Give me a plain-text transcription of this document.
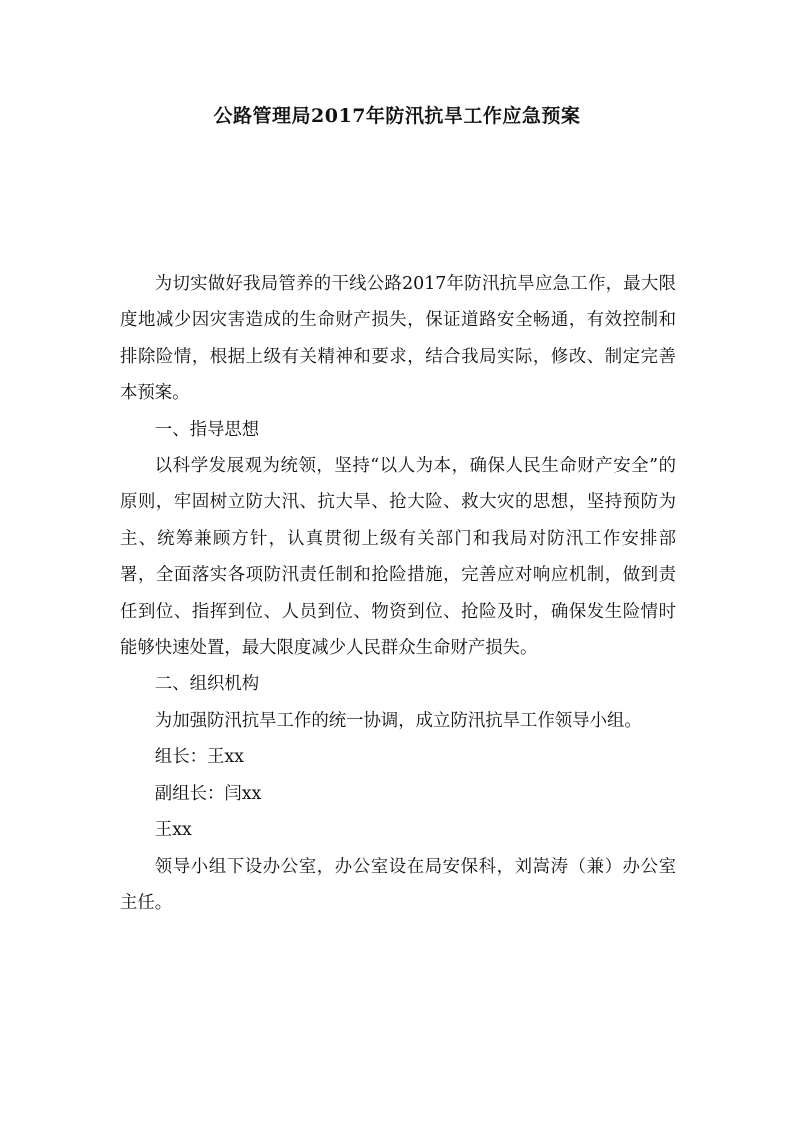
公路管理局2017年防汛抗旱工作应急预案

为切实做好我局管养的干线公路2017年防汛抗旱应急工作，最大限度地减少因灾害造成的生命财产损失，保证道路安全畅通，有效控制和排除险情，根据上级有关精神和要求，结合我局实际，修改、制定完善本预案。

一、指导思想

以科学发展观为统领，坚持“以人为本，确保人民生命财产安全”的原则，牢固树立防大汛、抗大旱、抢大险、救大灾的思想，坚持预防为主、统筹兼顾方针，认真贯彻上级有关部门和我局对防汛工作安排部署，全面落实各项防汛责任制和抢险措施，完善应对响应机制，做到责任到位、指挥到位、人员到位、物资到位、抢险及时，确保发生险情时能够快速处置，最大限度减少人民群众生命财产损失。

二、组织机构

为加强防汛抗旱工作的统一协调，成立防汛抗旱工作领导小组。

组长：王xx

副组长：闫xx

王xx

领导小组下设办公室，办公室设在局安保科，刘嵩涛（兼）办公室主任。
